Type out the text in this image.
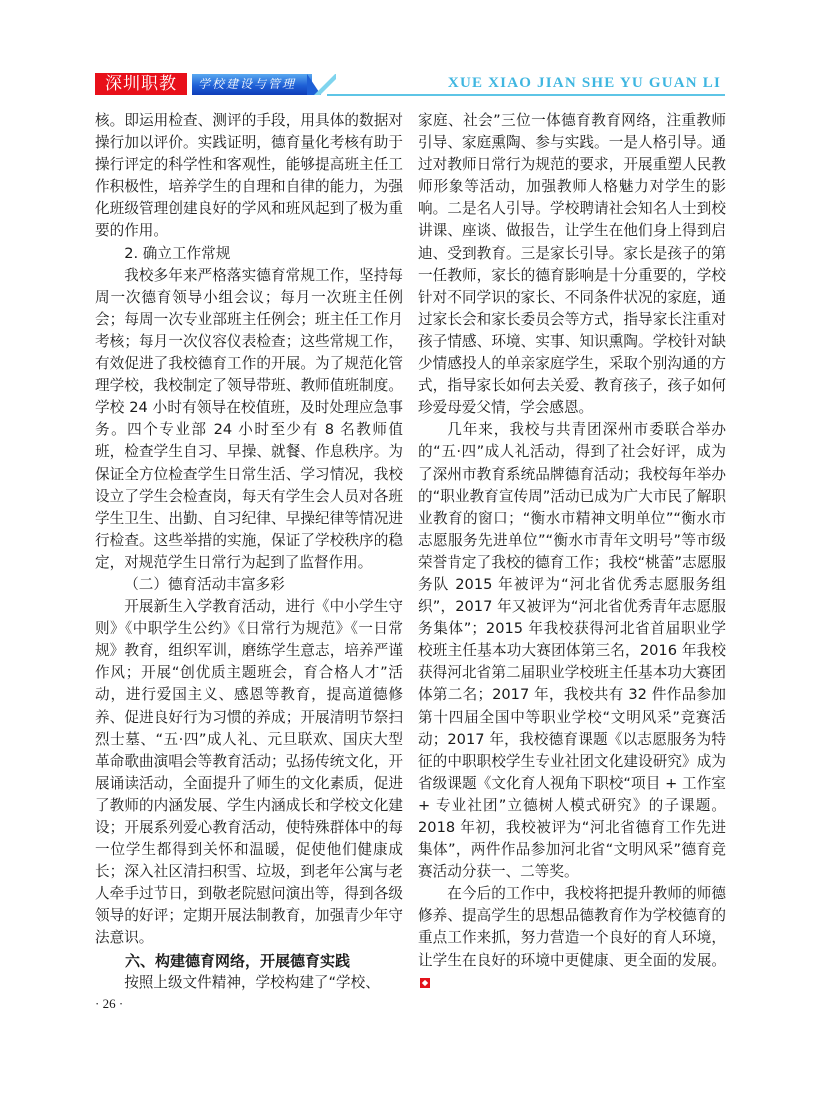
深圳职教	学校建设与管理	XUE XIAO JIAN SHE YU GUAN LI

核。即运用检查、测评的手段，用具体的数据对操行加以评价。实践证明，德育量化考核有助于操行评定的科学性和客观性，能够提高班主任工作积极性，培养学生的自理和自律的能力，为强化班级管理创建良好的学风和班风起到了极为重要的作用。

2. 确立工作常规

我校多年来严格落实德育常规工作，坚持每周一次德育领导小组会议；每月一次班主任例会；每周一次专业部班主任例会；班主任工作月考核；每月一次仪容仪表检查；这些常规工作，有效促进了我校德育工作的开展。为了规范化管理学校，我校制定了领导带班、教师值班制度。学校 24 小时有领导在校值班，及时处理应急事务。四个专业部 24 小时至少有 8 名教师值班，检查学生自习、早操、就餐、作息秩序。为保证全方位检查学生日常生活、学习情况，我校设立了学生会检查岗，每天有学生会人员对各班学生卫生、出勤、自习纪律、早操纪律等情况进行检查。这些举措的实施，保证了学校秩序的稳定，对规范学生日常行为起到了监督作用。

（二）德育活动丰富多彩

开展新生入学教育活动，进行《中小学生守则》《中职学生公约》《日常行为规范》《一日常规》教育，组织军训，磨练学生意志，培养严谨作风；开展“创优质主题班会，育合格人才”活动，进行爱国主义、感恩等教育，提高道德修养、促进良好行为习惯的养成；开展清明节祭扫烈士墓、“五·四”成人礼、元旦联欢、国庆大型革命歌曲演唱会等教育活动；弘扬传统文化，开展诵读活动，全面提升了师生的文化素质，促进了教师的内涵发展、学生内涵成长和学校文化建设；开展系列爱心教育活动，使特殊群体中的每一位学生都得到关怀和温暖，促使他们健康成长；深入社区清扫积雪、垃圾，到老年公寓与老人牵手过节日，到敬老院慰问演出等，得到各级领导的好评；定期开展法制教育，加强青少年守法意识。

六、构建德育网络，开展德育实践

按照上级文件精神，学校构建了“学校、

家庭、社会”三位一体德育教育网络，注重教师引导、家庭熏陶、参与实践。一是人格引导。通过对教师日常行为规范的要求，开展重塑人民教师形象等活动，加强教师人格魅力对学生的影响。二是名人引导。学校聘请社会知名人士到校讲课、座谈、做报告，让学生在他们身上得到启迪、受到教育。三是家长引导。家长是孩子的第一任教师，家长的德育影响是十分重要的，学校针对不同学识的家长、不同条件状况的家庭，通过家长会和家长委员会等方式，指导家长注重对孩子情感、环境、实事、知识熏陶。学校针对缺少情感投人的单亲家庭学生，采取个别沟通的方式，指导家长如何去关爱、教育孩子，孩子如何珍爱母爱父情，学会感恩。

几年来，我校与共青团深州市委联合举办的“五·四”成人礼活动，得到了社会好评，成为了深州市教育系统品牌德育活动；我校每年举办的“职业教育宣传周”活动已成为广大市民了解职业教育的窗口；“衡水市精神文明单位”“衡水市志愿服务先进单位”“衡水市青年文明号”等市级荣誉肯定了我校的德育工作；我校“桃蕾”志愿服务队 2015 年被评为“河北省优秀志愿服务组织”，2017 年又被评为“河北省优秀青年志愿服务集体”；2015 年我校获得河北省首届职业学校班主任基本功大赛团体第三名，2016 年我校获得河北省第二届职业学校班主任基本功大赛团体第二名；2017 年，我校共有 32 件作品参加第十四届全国中等职业学校“文明风采”竞赛活动；2017 年，我校德育课题《以志愿服务为特征的中职职校学生专业社团文化建设研究》成为省级课题《文化育人视角下职校“项目 + 工作室 + 专业社团”立德树人模式研究》的子课题。2018 年初，我校被评为“河北省德育工作先进集体”，两件作品参加河北省“文明风采”德育竞赛活动分获一、二等奖。

在今后的工作中，我校将把提升教师的师德修养、提高学生的思想品德教育作为学校德育的重点工作来抓，努力营造一个良好的育人环境，让学生在良好的环境中更健康、更全面的发展。

· 26 ·
